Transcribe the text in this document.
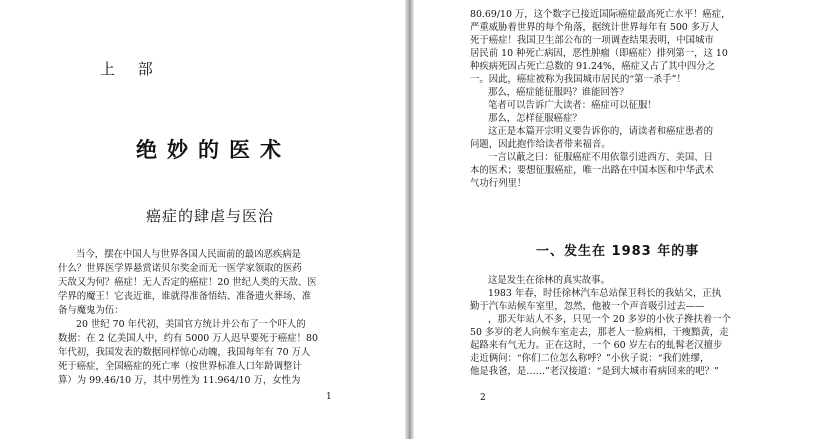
上 部

绝妙的医术

癌症的肆虐与医治

当今，摆在中国人与世界各国人民面前的最凶恶疾病是
什么？世界医学界悬赏诺贝尔奖金而无一医学家领取的医药
天敌又为何？癌症！无人否定的癌症！20 世纪人类的天敌、医
学界的魔王！它丧近谁，谁就得准备悟结、准备遗火葬场、准
备与魔鬼为伍：
20 世纪 70 年代初，美国官方统计并公布了一个吓人的
数据：在 2 亿美国人中，约有 5000 万人迟早要死于癌症！80
年代初，我国发表的数据同样惊心动魄，我国每年有 70 万人
死于癌症，全国癌症的死亡率（按世界标准人口年龄调整计
算）为 99.46/10 万，其中男性为 11.964/10 万，女性为

1

80.69/10 万，这个数字已接近国际癌症最高死亡水平！癌症，
严重威胁着世界的每个角落，据统计世界每年有 500 多万人
死于癌症！我国卫生部公布的一项调查结果表明，中国城市
居民前 10 种死亡病因，恶性肿瘤（即癌症）排列第一，这 10
种疾病死因占死亡总数的 91.24%，癌症又占了其中四分之
一。因此，癌症被称为我国城市居民的“第一杀手”！
那么，癌症能征服吗？谁能回答？
笔者可以告诉广大读者：癌症可以征服！
那么，怎样征服癌症？
这正是本篇开宗明义要告诉你的，请读者和癌症患者的
问题，因此抱作给读者带来福音。
一言以蔽之曰：征服癌症不用依靠引进西方、美国、日
本的医术；要想征服癌症，唯一出路在中国本医和中华武术
气功行列里！

一、发生在 1983 年的事

这是发生在徐林的真实故事。
1983 年春，时任徐林汽车总站保卫科长的我姑父，正执
勤于汽车站候车室里，忽然，他被一个声音吸引过去——
，那天年站人不多，只见一个 20 多岁的小伙子搀扶着一个
50 多岁的老人向候车室走去，那老人一脸病相，干瘦黯黄，走
起路来有气无力。正在这时，一个 60 岁左右的虬髯老汉擅步
走近俩问：“你们二位怎么称呼？”小伙子说：“我们姓缪，
他是我爸，是……”老汉接道：“是到大城市看病回来的吧？”

2
